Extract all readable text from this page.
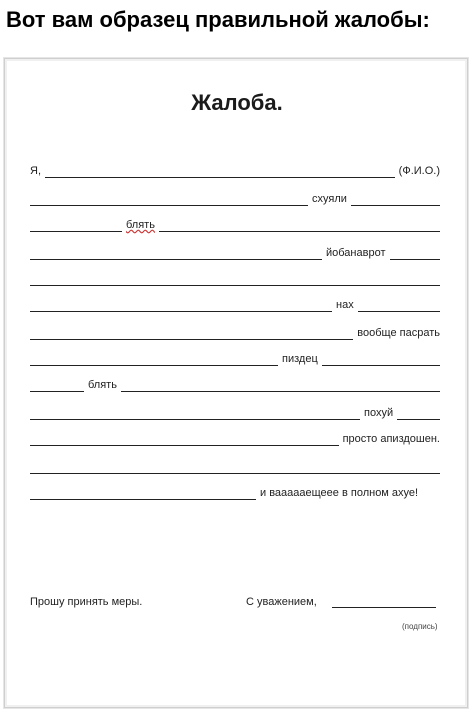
Вот вам образец правильной жалобы:
Жалоба.
Я,	(Ф.И.О.)
схуяли
блять
йобанаврот
нах
вообще пасрать
пиздец
блять
похуй
просто апиздошен.
и ваааааещеее в полном ахуе!
Прошу принять меры.	С уважением,
(подпись)
